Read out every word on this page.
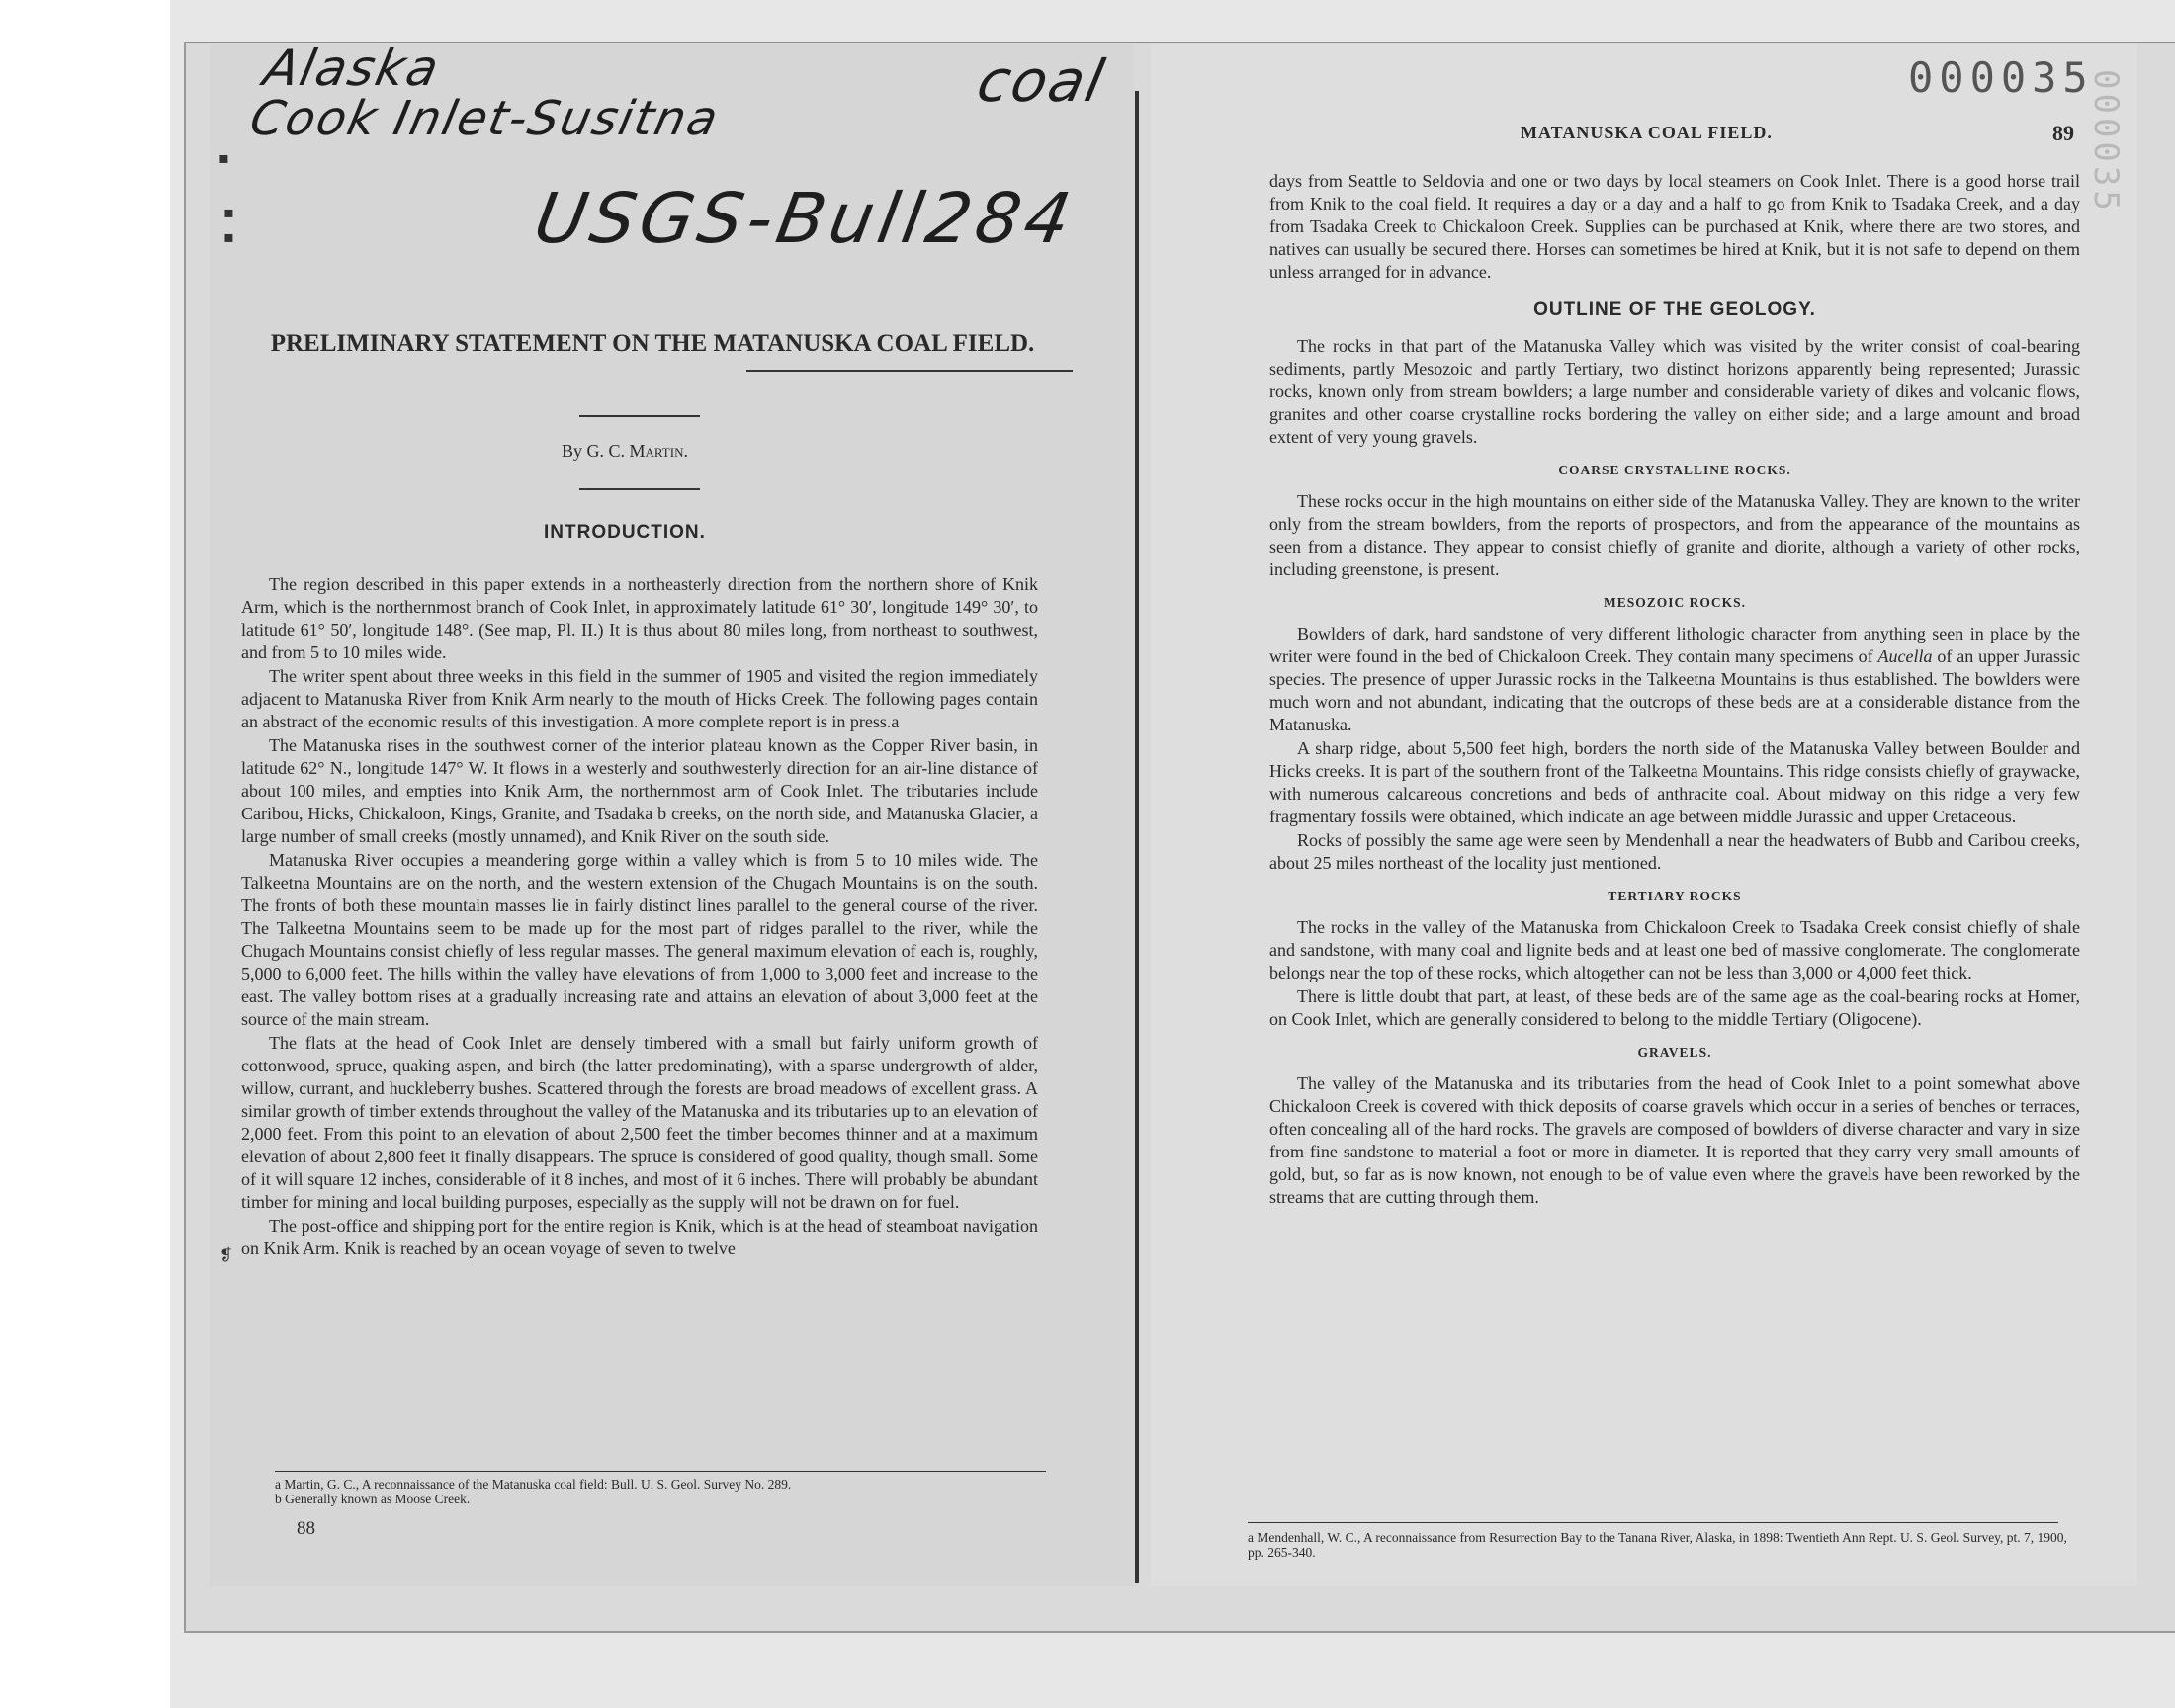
Alaska
Cook Inlet-Susitna
coal
USGS-Bull284
000035
000035
▪
▪
▪
❡
PRELIMINARY STATEMENT ON THE MATANUSKA COAL FIELD.
By G. C. Martin.
INTRODUCTION.

The region described in this paper extends in a northeasterly direction from the northern shore of Knik Arm, which is the northernmost branch of Cook Inlet, in approximately latitude 61° 30′, longitude 149° 30′, to latitude 61° 50′, longitude 148°. (See map, Pl. II.) It is thus about 80 miles long, from northeast to southwest, and from 5 to 10 miles wide.

The writer spent about three weeks in this field in the summer of 1905 and visited the region immediately adjacent to Matanuska River from Knik Arm nearly to the mouth of Hicks Creek. The following pages contain an abstract of the economic results of this investigation. A more complete report is in press.a

The Matanuska rises in the southwest corner of the interior plateau known as the Copper River basin, in latitude 62° N., longitude 147° W. It flows in a westerly and southwesterly direction for an air-line distance of about 100 miles, and empties into Knik Arm, the northernmost arm of Cook Inlet. The tributaries include Caribou, Hicks, Chickaloon, Kings, Granite, and Tsadaka b creeks, on the north side, and Matanuska Glacier, a large number of small creeks (mostly unnamed), and Knik River on the south side.

Matanuska River occupies a meandering gorge within a valley which is from 5 to 10 miles wide. The Talkeetna Mountains are on the north, and the western extension of the Chugach Mountains is on the south. The fronts of both these mountain masses lie in fairly distinct lines parallel to the general course of the river. The Talkeetna Mountains seem to be made up for the most part of ridges parallel to the river, while the Chugach Mountains consist chiefly of less regular masses. The general maximum elevation of each is, roughly, 5,000 to 6,000 feet. The hills within the valley have elevations of from 1,000 to 3,000 feet and increase to the east. The valley bottom rises at a gradually increasing rate and attains an elevation of about 3,000 feet at the source of the main stream.

The flats at the head of Cook Inlet are densely timbered with a small but fairly uniform growth of cottonwood, spruce, quaking aspen, and birch (the latter predominating), with a sparse undergrowth of alder, willow, currant, and huckleberry bushes. Scattered through the forests are broad meadows of excellent grass. A similar growth of timber extends throughout the valley of the Matanuska and its tributaries up to an elevation of 2,000 feet. From this point to an elevation of about 2,500 feet the timber becomes thinner and at a maximum elevation of about 2,800 feet it finally disappears. The spruce is considered of good quality, though small. Some of it will square 12 inches, considerable of it 8 inches, and most of it 6 inches. There will probably be abundant timber for mining and local building purposes, especially as the supply will not be drawn on for fuel.

The post-office and shipping port for the entire region is Knik, which is at the head of steamboat navigation on Knik Arm. Knik is reached by an ocean voyage of seven to twelve

a Martin, G. C., A reconnaissance of the Matanuska coal field: Bull. U. S. Geol. Survey No. 289.

b Generally known as Moose Creek.

88
MATANUSKA COAL FIELD.	89

days from Seattle to Seldovia and one or two days by local steamers on Cook Inlet. There is a good horse trail from Knik to the coal field. It requires a day or a day and a half to go from Knik to Tsadaka Creek, and a day from Tsadaka Creek to Chickaloon Creek. Supplies can be purchased at Knik, where there are two stores, and natives can usually be secured there. Horses can sometimes be hired at Knik, but it is not safe to depend on them unless arranged for in advance.

OUTLINE OF THE GEOLOGY.

The rocks in that part of the Matanuska Valley which was visited by the writer consist of coal-bearing sediments, partly Mesozoic and partly Tertiary, two distinct horizons apparently being represented; Jurassic rocks, known only from stream bowlders; a large number and considerable variety of dikes and volcanic flows, granites and other coarse crystalline rocks bordering the valley on either side; and a large amount and broad extent of very young gravels.

COARSE CRYSTALLINE ROCKS.

These rocks occur in the high mountains on either side of the Matanuska Valley. They are known to the writer only from the stream bowlders, from the reports of prospectors, and from the appearance of the mountains as seen from a distance. They appear to consist chiefly of granite and diorite, although a variety of other rocks, including greenstone, is present.

MESOZOIC ROCKS.

Bowlders of dark, hard sandstone of very different lithologic character from anything seen in place by the writer were found in the bed of Chickaloon Creek. They contain many specimens of Aucella of an upper Jurassic species. The presence of upper Jurassic rocks in the Talkeetna Mountains is thus established. The bowlders were much worn and not abundant, indicating that the outcrops of these beds are at a considerable distance from the Matanuska.

A sharp ridge, about 5,500 feet high, borders the north side of the Matanuska Valley between Boulder and Hicks creeks. It is part of the southern front of the Talkeetna Mountains. This ridge consists chiefly of graywacke, with numerous calcareous concretions and beds of anthracite coal. About midway on this ridge a very few fragmentary fossils were obtained, which indicate an age between middle Jurassic and upper Cretaceous.

Rocks of possibly the same age were seen by Mendenhall a near the headwaters of Bubb and Caribou creeks, about 25 miles northeast of the locality just mentioned.

TERTIARY ROCKS

The rocks in the valley of the Matanuska from Chickaloon Creek to Tsadaka Creek consist chiefly of shale and sandstone, with many coal and lignite beds and at least one bed of massive conglomerate. The conglomerate belongs near the top of these rocks, which altogether can not be less than 3,000 or 4,000 feet thick.

There is little doubt that part, at least, of these beds are of the same age as the coal-bearing rocks at Homer, on Cook Inlet, which are generally considered to belong to the middle Tertiary (Oligocene).

GRAVELS.

The valley of the Matanuska and its tributaries from the head of Cook Inlet to a point somewhat above Chickaloon Creek is covered with thick deposits of coarse gravels which occur in a series of benches or terraces, often concealing all of the hard rocks. The gravels are composed of bowlders of diverse character and vary in size from fine sandstone to material a foot or more in diameter. It is reported that they carry very small amounts of gold, but, so far as is now known, not enough to be of value even where the gravels have been reworked by the streams that are cutting through them.

a Mendenhall, W. C., A reconnaissance from Resurrection Bay to the Tanana River, Alaska, in 1898: Twentieth Ann Rept. U. S. Geol. Survey, pt. 7, 1900, pp. 265-340.
